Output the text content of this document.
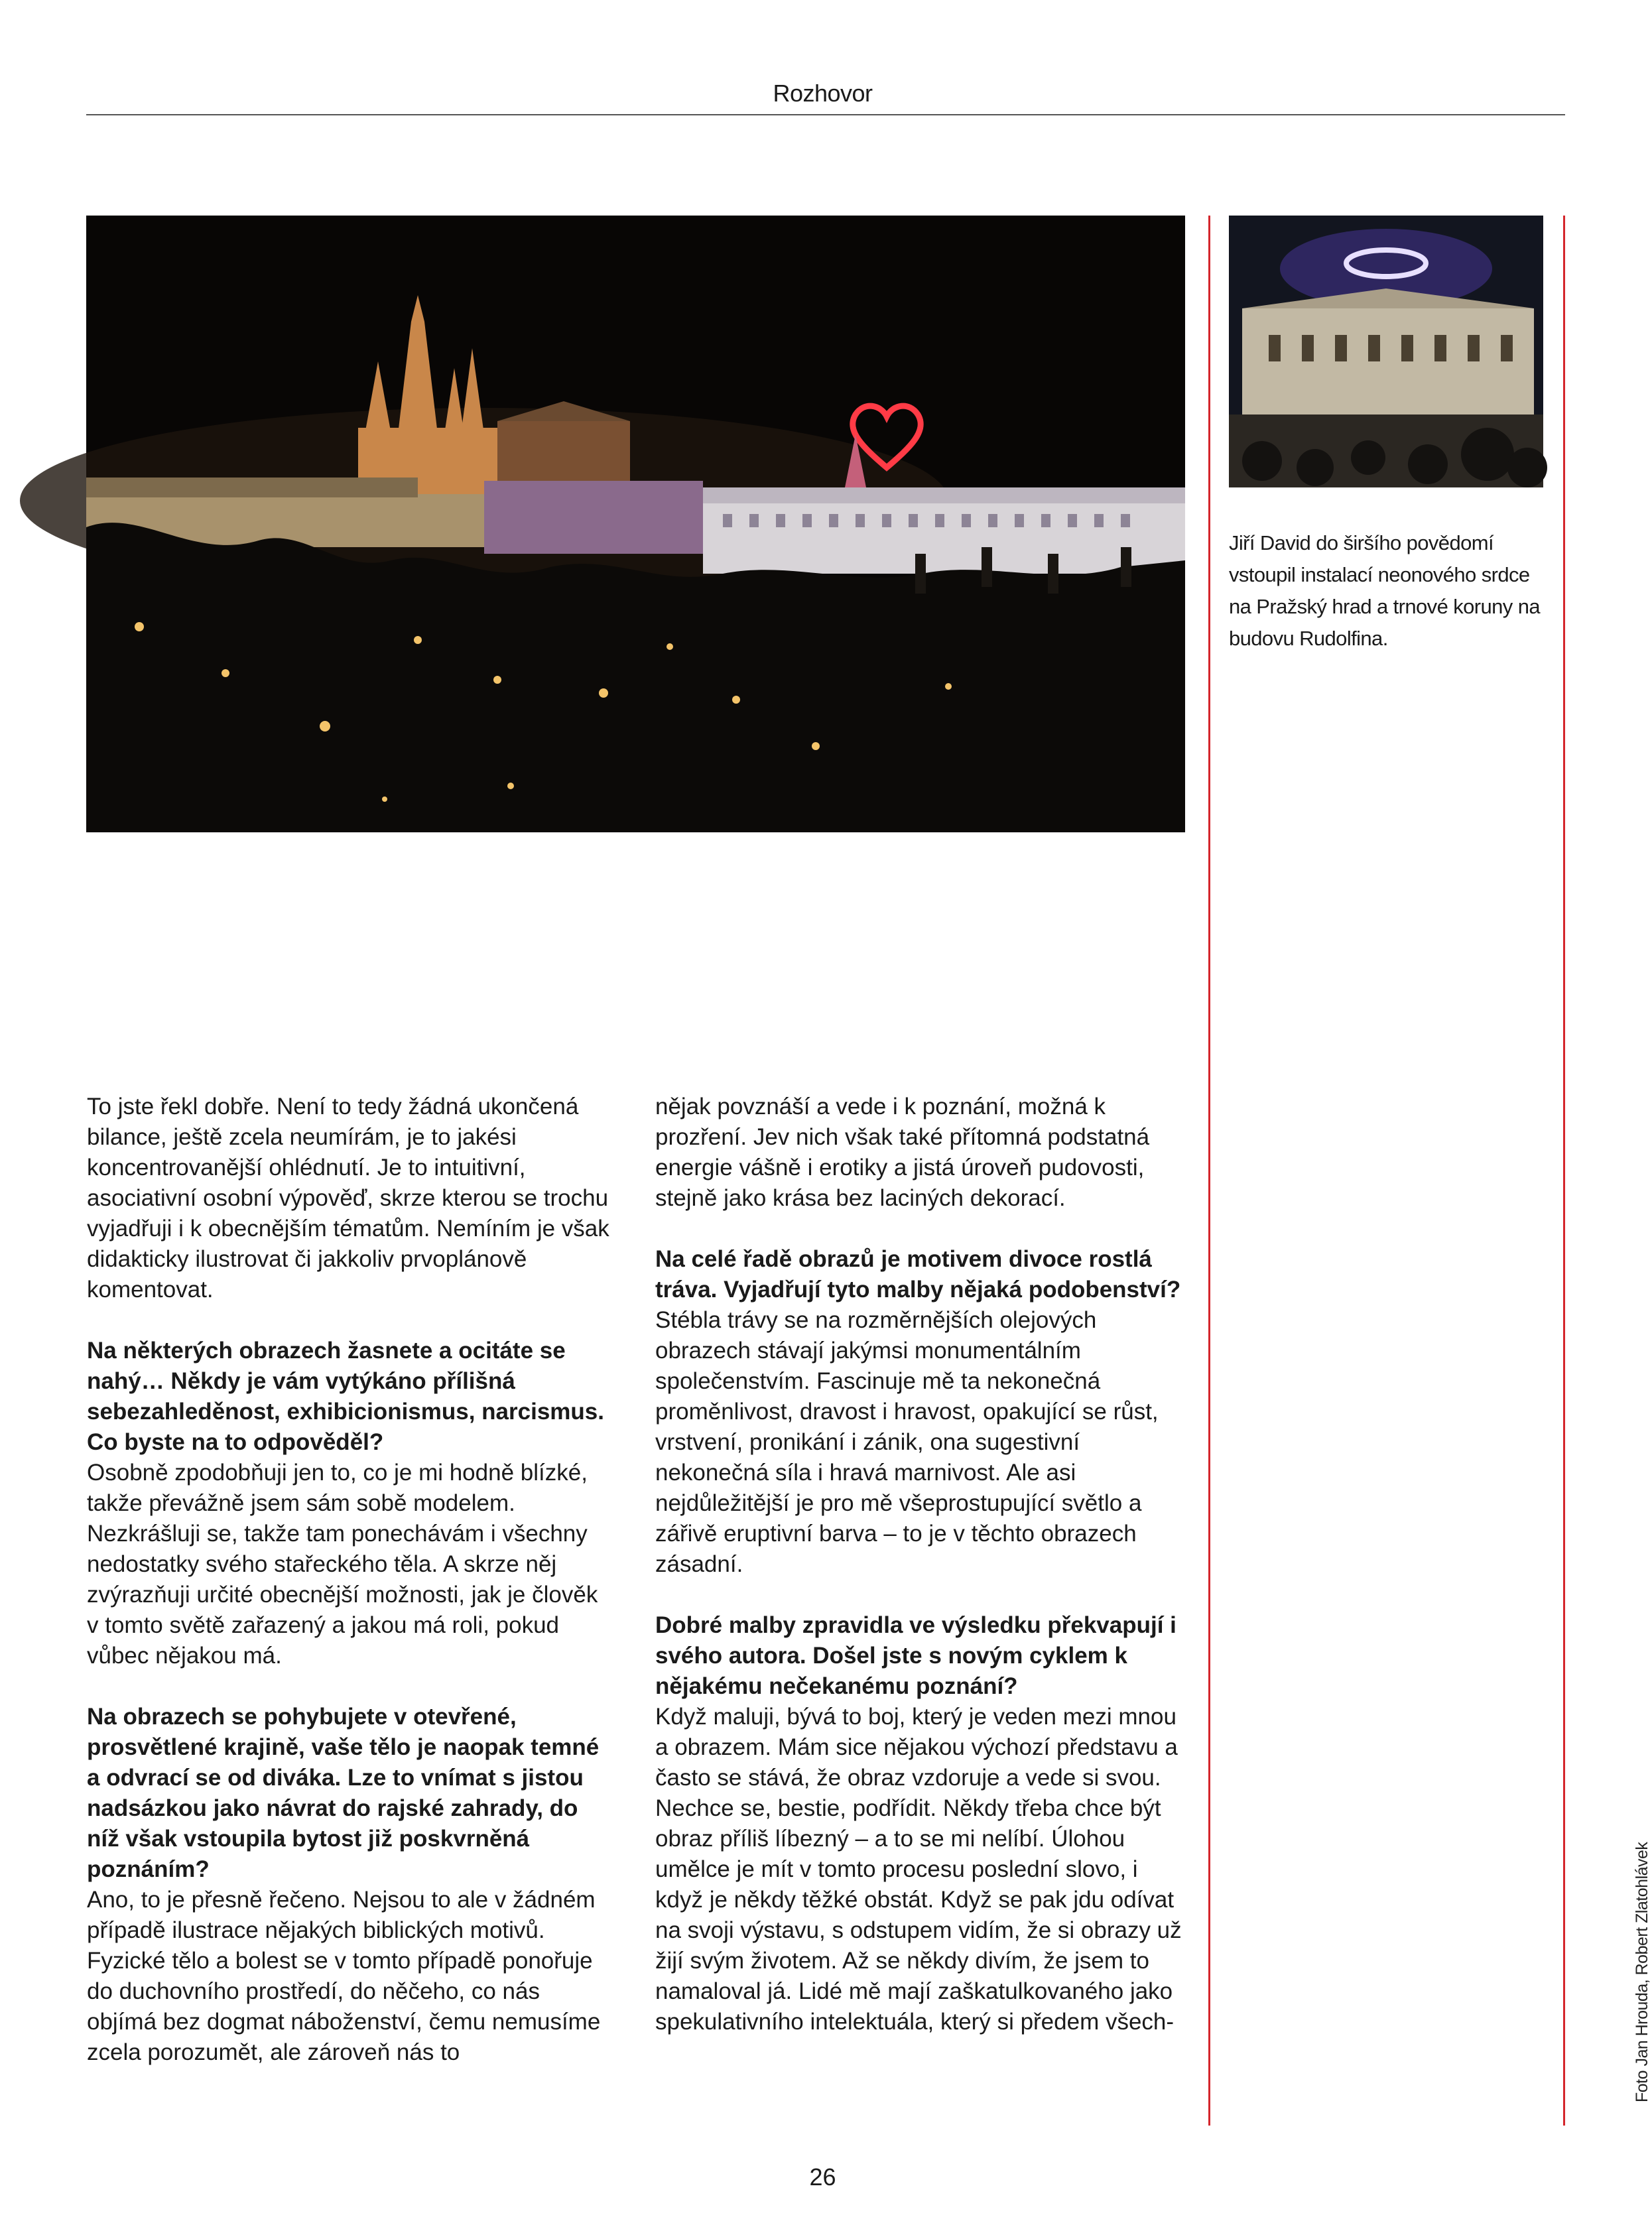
Rozhovor
Jiří David do širšího povědomí
vstoupil instalací neonového srdce
na Pražský hrad a trnové koruny na
budovu Rudolfina.

To jste řekl dobře. Není to tedy žádná ukončená bilance, ještě zcela neumírám, je to jakési koncentrovanější ohlédnutí. Je to intuitivní, asociativní osobní výpověď, skrze kterou se trochu vyjadřuji i k obecnějším tématům. Nemíním je však didakticky ilustrovat či jakkoliv prvoplánově komentovat.

Na některých obrazech žasnete a ocitáte se nahý… Někdy je vám vytýkáno přílišná sebezahleděnost, exhibicionismus, narcismus. Co byste na to odpověděl?

Osobně zpodobňuji jen to, co je mi hodně blízké, takže převážně jsem sám sobě modelem. Nezkrášluji se, takže tam ponechávám i všechny nedostatky svého stařeckého těla. A skrze něj zvýrazňuji určité obecnější možnosti, jak je člověk v tomto světě zařazený a jakou má roli, pokud vůbec nějakou má.

Na obrazech se pohybujete v otevřené, prosvětlené krajině, vaše tělo je naopak temné a odvrací se od diváka. Lze to vnímat s jistou nadsázkou jako návrat do rajské zahrady, do níž však vstoupila bytost již poskvrněná poznáním?

Ano, to je přesně řečeno. Nejsou to ale v žádném případě ilustrace nějakých biblických motivů. Fyzické tělo a bolest se v tomto případě ponořuje do duchovního prostředí, do něčeho, co nás objímá bez dogmat náboženství, čemu nemusíme zcela porozumět, ale zároveň nás to

nějak povznáší a vede i k poznání, možná k prozření. Jev nich však také přítomná podstatná energie vášně i erotiky a jistá úroveň pudovosti, stejně jako krása bez laciných dekorací.

Na celé řadě obrazů je motivem divoce rostlá tráva. Vyjadřují tyto malby nějaká podobenství?

Stébla trávy se na rozměrnějších olejových obrazech stávají jakýmsi monumentálním společenstvím. Fascinuje mě ta nekonečná proměnlivost, dravost i hravost, opakující se růst, vrstvení, pronikání i zánik, ona sugestivní nekonečná síla i hravá marnivost. Ale asi nejdůležitější je pro mě všeprostupující světlo a zářivě eruptivní barva – to je v těchto obrazech zásadní.

Dobré malby zpravidla ve výsledku překvapují i svého autora. Došel jste s novým cyklem k nějakému nečekanému poznání?

Když maluji, bývá to boj, který je veden mezi mnou a obrazem. Mám sice nějakou výchozí představu a často se stává, že obraz vzdoruje a vede si svou. Nechce se, bestie, podřídit. Někdy třeba chce být obraz příliš líbezný – a to se mi nelíbí. Úlohou umělce je mít v tomto procesu poslední slovo, i když je někdy těžké obstát. Když se pak jdu odívat na svoji výstavu, s odstupem vidím, že si obrazy už žijí svým životem. Až se někdy divím, že jsem to namaloval já. Lidé mě mají zaškatulkovaného jako spekulativního intelektuála, který si předem všech-	Foto Jan Hrouda, Robert Zlatohlávek
26
